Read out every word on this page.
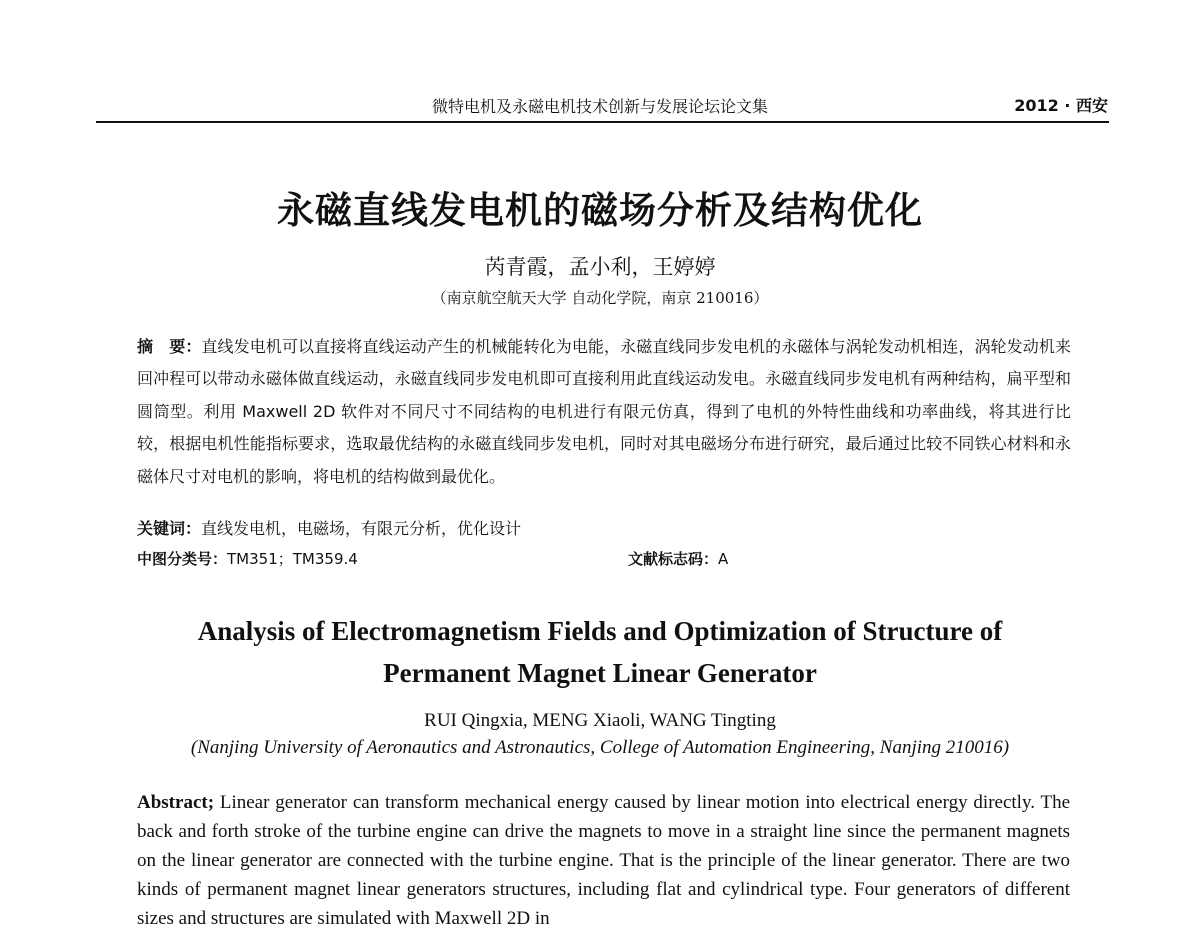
微特电机及永磁电机技术创新与发展论坛论文集	2012 · 西安
永磁直线发电机的磁场分析及结构优化
芮青霞，孟小利，王婷婷
（南京航空航天大学 自动化学院，南京 210016）
摘　要：直线发电机可以直接将直线运动产生的机械能转化为电能，永磁直线同步发电机的永磁体与涡轮发动机相连，涡轮发动机来回冲程可以带动永磁体做直线运动，永磁直线同步发电机即可直接利用此直线运动发电。永磁直线同步发电机有两种结构，扁平型和圆筒型。利用 Maxwell 2D 软件对不同尺寸不同结构的电机进行有限元仿真，得到了电机的外特性曲线和功率曲线，将其进行比较，根据电机性能指标要求，选取最优结构的永磁直线同步发电机，同时对其电磁场分布进行研究，最后通过比较不同铁心材料和永磁体尺寸对电机的影响，将电机的结构做到最优化。
关键词：直线发电机，电磁场，有限元分析，优化设计
中图分类号：TM351；TM359.4	文献标志码：A
Analysis of Electromagnetism Fields and Optimization of Structure of
Permanent Magnet Linear Generator
RUI Qingxia, MENG Xiaoli, WANG Tingting
(Nanjing University of Aeronautics and Astronautics, College of Automation Engineering, Nanjing 210016)
Abstract; Linear generator can transform mechanical energy caused by linear motion into electrical energy directly. The back and forth stroke of the turbine engine can drive the magnets to move in a straight line since the permanent magnets on the linear generator are connected with the turbine engine. That is the principle of the linear generator. There are two kinds of permanent magnet linear generators structures, including flat and cylindrical type. Four generators of different sizes and structures are simulated with Maxwell 2D in
